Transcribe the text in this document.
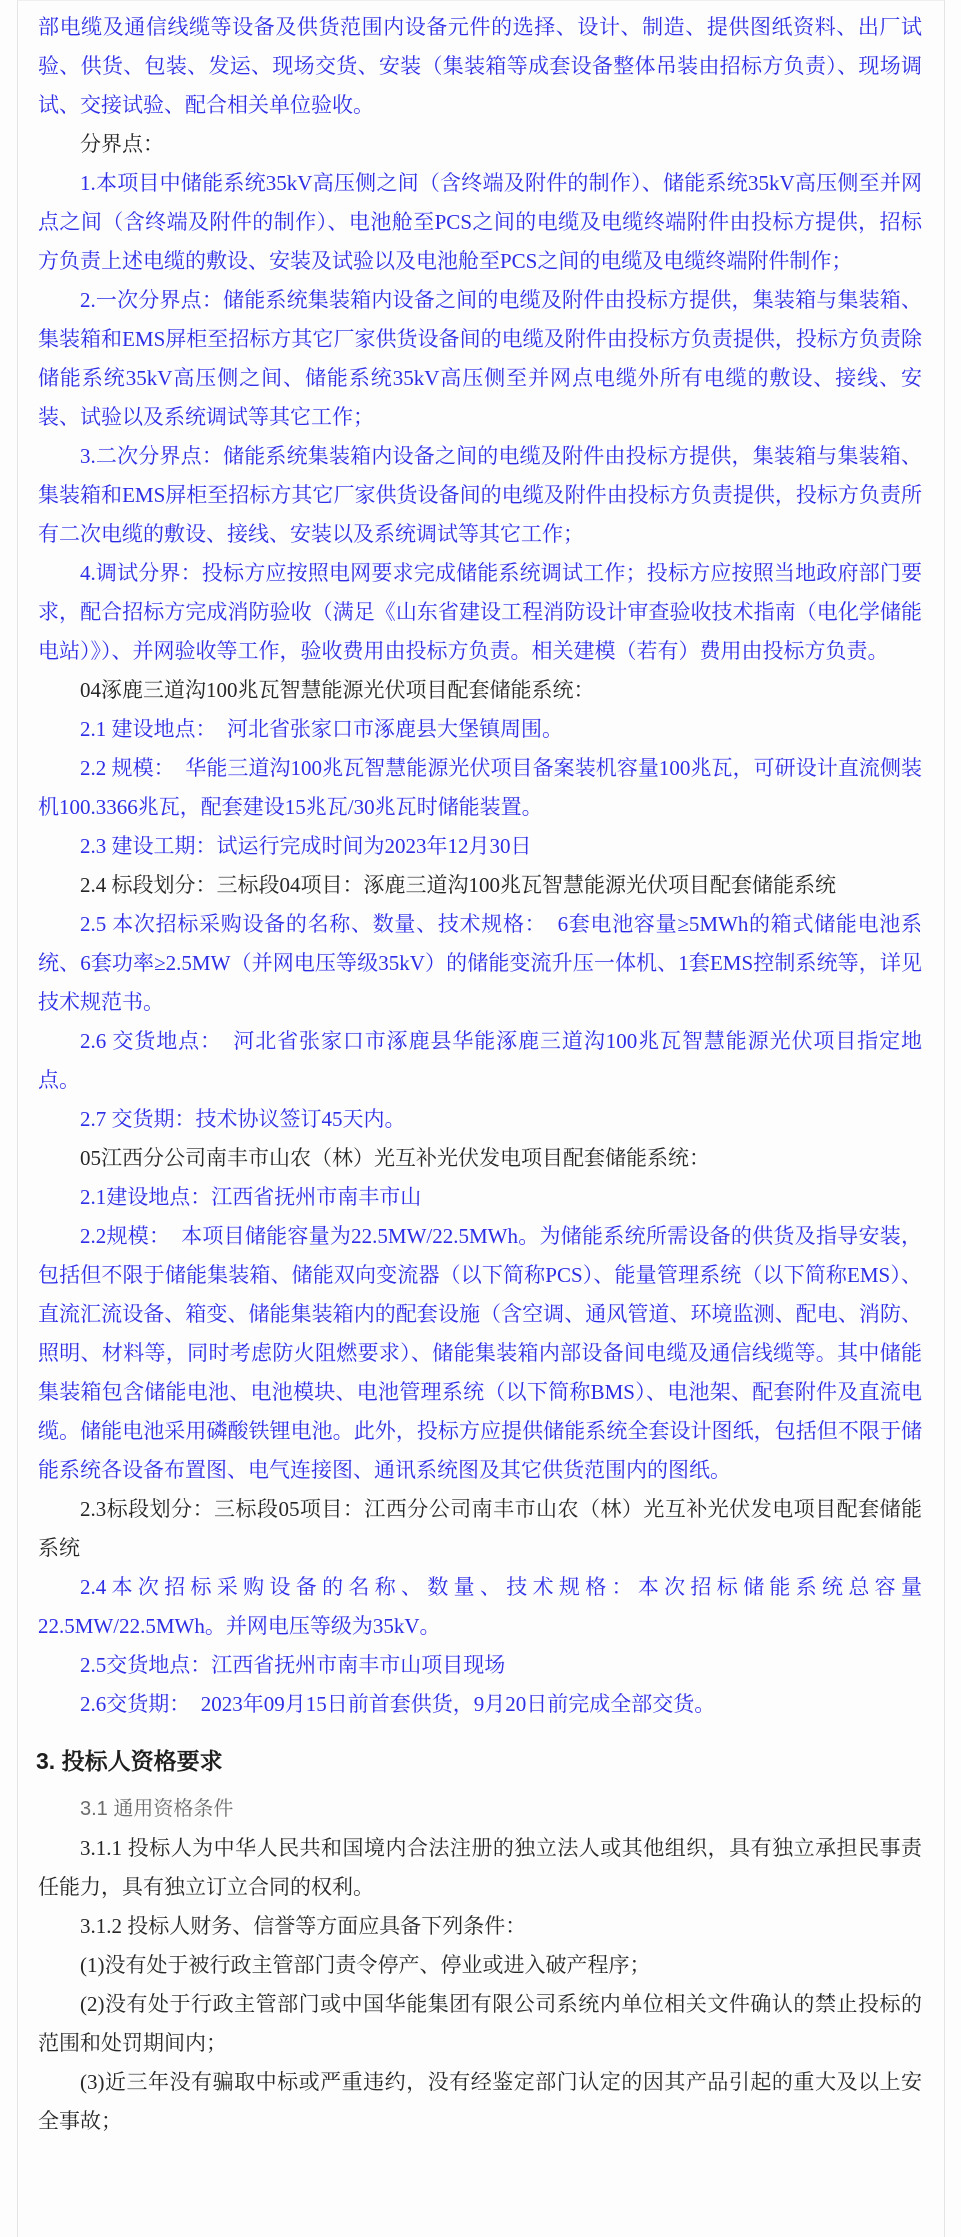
部电缆及通信线缆等设备及供货范围内设备元件的选择、设计、制造、提供图纸资料、出厂试验、供货、包装、发运、现场交货、安装（集装箱等成套设备整体吊装由招标方负责）、现场调试、交接试验、配合相关单位验收。

分界点：

1.本项目中储能系统35kV高压侧之间（含终端及附件的制作）、储能系统35kV高压侧至并网点之间（含终端及附件的制作）、电池舱至PCS之间的电缆及电缆终端附件由投标方提供，招标方负责上述电缆的敷设、安装及试验以及电池舱至PCS之间的电缆及电缆终端附件制作；

2.一次分界点：储能系统集装箱内设备之间的电缆及附件由投标方提供，集装箱与集装箱、集装箱和EMS屏柜至招标方其它厂家供货设备间的电缆及附件由投标方负责提供，投标方负责除储能系统35kV高压侧之间、储能系统35kV高压侧至并网点电缆外所有电缆的敷设、接线、安装、试验以及系统调试等其它工作；

3.二次分界点：储能系统集装箱内设备之间的电缆及附件由投标方提供，集装箱与集装箱、集装箱和EMS屏柜至招标方其它厂家供货设备间的电缆及附件由投标方负责提供，投标方负责所有二次电缆的敷设、接线、安装以及系统调试等其它工作；

4.调试分界：投标方应按照电网要求完成储能系统调试工作；投标方应按照当地政府部门要求，配合招标方完成消防验收（满足《山东省建设工程消防设计审查验收技术指南（电化学储能电站）》）、并网验收等工作，验收费用由投标方负责。相关建模（若有）费用由投标方负责。

04涿鹿三道沟100兆瓦智慧能源光伏项目配套储能系统：

2.1 建设地点：　河北省张家口市涿鹿县大堡镇周围。

2.2 规模：　华能三道沟100兆瓦智慧能源光伏项目备案装机容量100兆瓦，可研设计直流侧装机100.3366兆瓦，配套建设15兆瓦/30兆瓦时储能装置。

2.3 建设工期：试运行完成时间为2023年12月30日

2.4 标段划分：三标段04项目：涿鹿三道沟100兆瓦智慧能源光伏项目配套储能系统

2.5 本次招标采购设备的名称、数量、技术规格：　6套电池容量≥5MWh的箱式储能电池系统、6套功率≥2.5MW（并网电压等级35kV）的储能变流升压一体机、1套EMS控制系统等，详见技术规范书。

2.6 交货地点：　河北省张家口市涿鹿县华能涿鹿三道沟100兆瓦智慧能源光伏项目指定地点。

2.7 交货期：技术协议签订45天内。

05江西分公司南丰市山农（林）光互补光伏发电项目配套储能系统：

2.1建设地点：江西省抚州市南丰市山

2.2规模：　本项目储能容量为22.5MW/22.5MWh。为储能系统所需设备的供货及指导安装，包括但不限于储能集装箱、储能双向变流器（以下简称PCS）、能量管理系统（以下简称EMS）、直流汇流设备、箱变、储能集装箱内的配套设施（含空调、通风管道、环境监测、配电、消防、照明、材料等，同时考虑防火阻燃要求）、储能集装箱内部设备间电缆及通信线缆等。其中储能集装箱包含储能电池、电池模块、电池管理系统（以下简称BMS）、电池架、配套附件及直流电缆。储能电池采用磷酸铁锂电池。此外，投标方应提供储能系统全套设计图纸，包括但不限于储能系统各设备布置图、电气连接图、通讯系统图及其它供货范围内的图纸。

2.3标段划分：三标段05项目：江西分公司南丰市山农（林）光互补光伏发电项目配套储能系统

2.4本次招标采购设备的名称、数量、技术规格：本次招标储能系统总容量22.5MW/22.5MWh。并网电压等级为35kV。

2.5交货地点：江西省抚州市南丰市山项目现场

2.6交货期：　2023年09月15日前首套供货，9月20日前完成全部交货。

3. 投标人资格要求

3.1 通用资格条件

3.1.1 投标人为中华人民共和国境内合法注册的独立法人或其他组织，具有独立承担民事责任能力，具有独立订立合同的权利。

3.1.2 投标人财务、信誉等方面应具备下列条件：

(1)没有处于被行政主管部门责令停产、停业或进入破产程序；

(2)没有处于行政主管部门或中国华能集团有限公司系统内单位相关文件确认的禁止投标的范围和处罚期间内；

(3)近三年没有骗取中标或严重违约，没有经鉴定部门认定的因其产品引起的重大及以上安全事故；
